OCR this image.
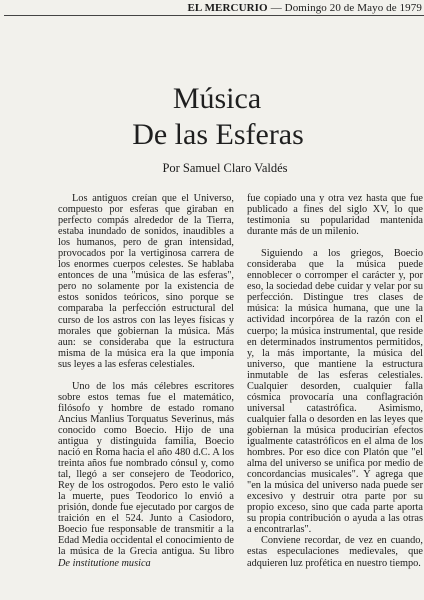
EL MERCURIO — Domingo 20 de Mayo de 1979
Música
De las Esferas
Por Samuel Claro Valdés

Los antiguos creían que el Universo, compuesto por esferas que giraban en perfecto compás alrededor de la Tierra, estaba inundado de sonidos, inaudibles a los humanos, pero de gran intensidad, provocados por la vertiginosa carrera de los enormes cuerpos celestes. Se hablaba entonces de una "música de las esferas", pero no solamente por la existencia de estos sonidos teóricos, sino porque se comparaba la perfección estructural del curso de los astros con las leyes físicas y morales que gobiernan la música. Más aun: se consideraba que la estructura misma de la música era la que imponía sus leyes a las esferas celestiales.

Uno de los más célebres escritores sobre estos temas fue el matemático, filósofo y hombre de estado romano Ancius Manlius Torquatus Severinus, más conocido como Boecio. Hijo de una antigua y distinguida familia, Boecio nació en Roma hacia el año 480 d.C. A los treinta años fue nombrado cónsul y, como tal, llegó a ser consejero de Teodorico, Rey de los ostrogodos. Pero esto le valió la muerte, pues Teodorico lo envió a prisión, donde fue ejecutado por cargos de traición en el 524. Junto a Casiodoro, Boecio fue responsable de transmitir a la Edad Media occidental el conocimiento de la música de la Grecia antigua. Su libro De institutione musica

fue copiado una y otra vez hasta que fue publicado a fines del siglo XV, lo que testimonia su popularidad mantenida durante más de un milenio.

Siguiendo a los griegos, Boecio consideraba que la música puede ennoblecer o corromper el carácter y, por eso, la sociedad debe cuidar y velar por su perfección. Distingue tres clases de música: la música humana, que une la actividad incorpórea de la razón con el cuerpo; la música instrumental, que reside en determinados instrumentos permitidos, y, la más importante, la música del universo, que mantiene la estructura inmutable de las esferas celestiales. Cualquier desorden, cualquier falla cósmica provocaría una conflagración universal catastrófica. Asimismo, cualquier falla o desorden en las leyes que gobiernan la música producirían efectos igualmente catastróficos en el alma de los hombres. Por eso dice con Platón que "el alma del universo se unifica por medio de concordancias musicales". Y agrega que "en la música del universo nada puede ser excesivo y destruir otra parte por su propio exceso, sino que cada parte aporta su propia contribución o ayuda a las otras a encontrarlas".

Conviene recordar, de vez en cuando, estas especulaciones medievales, que adquieren luz profética en nuestro tiempo.
